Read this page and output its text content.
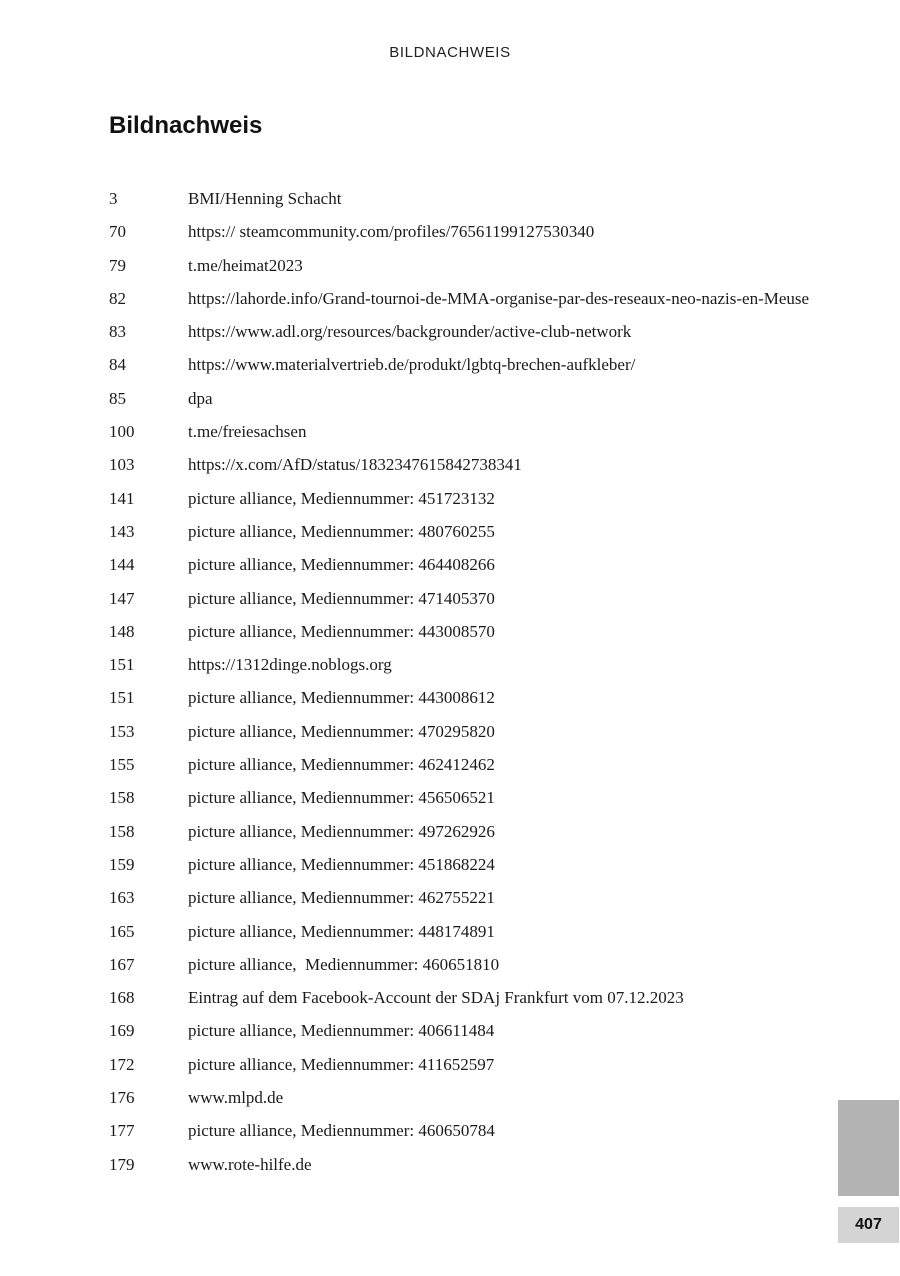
BILDNACHWEIS
Bildnachweis
3	BMI/Henning Schacht
70	https:// steamcommunity.com/profiles/76561199127530340
79	t.me/heimat2023
82	https://lahorde.info/Grand-tournoi-de-MMA-organise-par-des-reseaux-neo-nazis-en-Meuse
83	https://www.adl.org/resources/backgrounder/active-club-network
84	https://www.materialvertrieb.de/produkt/lgbtq-brechen-aufkleber/
85	dpa
100	t.me/freiesachsen
103	https://x.com/AfD/status/1832347615842738341
141	picture alliance, Mediennummer: 451723132
143	picture alliance, Mediennummer: 480760255
144	picture alliance, Mediennummer: 464408266
147	picture alliance, Mediennummer: 471405370
148	picture alliance, Mediennummer: 443008570
151	https://1312dinge.noblogs.org
151	picture alliance, Mediennummer: 443008612
153	picture alliance, Mediennummer: 470295820
155	picture alliance, Mediennummer: 462412462
158	picture alliance, Mediennummer: 456506521
158	picture alliance, Mediennummer: 497262926
159	picture alliance, Mediennummer: 451868224
163	picture alliance, Mediennummer: 462755221
165	picture alliance, Mediennummer: 448174891
167	picture alliance,  Mediennummer: 460651810
168	Eintrag auf dem Facebook-Account der SDAj Frankfurt vom 07.12.2023
169	picture alliance, Mediennummer: 406611484
172	picture alliance, Mediennummer: 411652597
176	www.mlpd.de
177	picture alliance, Mediennummer: 460650784
179	www.rote-hilfe.de
407
